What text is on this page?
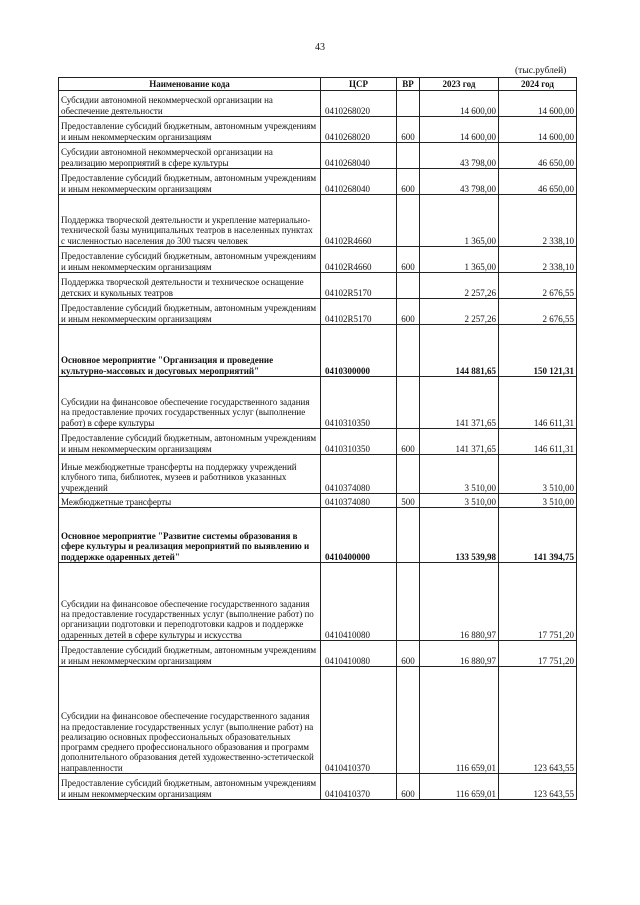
43
(тыс.рублей)
Наименование кода	ЦСР	ВР	2023 год	2024 год
Субсидии автономной некоммерческой организации на обеспечение деятельности	0410268020		14 600,00	14 600,00
Предоставление субсидий бюджетным, автономным учреждениям и иным некоммерческим организациям	0410268020	600	14 600,00	14 600,00
Субсидии автономной некоммерческой организации на реализацию мероприятий в сфере культуры	0410268040		43 798,00	46 650,00
Предоставление субсидий бюджетным, автономным учреждениям и иным некоммерческим организациям	0410268040	600	43 798,00	46 650,00
Поддержка творческой деятельности и укрепление материально-технической базы муниципальных театров в населенных пунктах с численностью населения до 300 тысяч человек	04102R4660		1 365,00	2 338,10
Предоставление субсидий бюджетным, автономным учреждениям и иным некоммерческим организациям	04102R4660	600	1 365,00	2 338,10
Поддержка творческой деятельности и техническое оснащение детских и кукольных театров	04102R5170		2 257,26	2 676,55
Предоставление субсидий бюджетным, автономным учреждениям и иным некоммерческим организациям	04102R5170	600	2 257,26	2 676,55
Основное мероприятие "Организация и проведение культурно-массовых и досуговых мероприятий"	0410300000		144 881,65	150 121,31
Субсидии на финансовое обеспечение государственного задания на предоставление прочих государственных услуг (выполнение работ) в сфере культуры	0410310350		141 371,65	146 611,31
Предоставление субсидий бюджетным, автономным учреждениям и иным некоммерческим организациям	0410310350	600	141 371,65	146 611,31
Иные межбюджетные трансферты на поддержку учреждений клубного типа, библиотек, музеев и работников указанных учреждений	0410374080		3 510,00	3 510,00
Межбюджетные трансферты	0410374080	500	3 510,00	3 510,00
Основное мероприятие "Развитие системы образования в сфере культуры и реализация мероприятий по выявлению и поддержке одаренных детей"	0410400000		133 539,98	141 394,75
Субсидии на финансовое обеспечение государственного задания на предоставление государственных услуг (выполнение работ) по организации подготовки и переподготовки кадров и поддержке одаренных детей в сфере культуры и искусства	0410410080		16 880,97	17 751,20
Предоставление субсидий бюджетным, автономным учреждениям и иным некоммерческим организациям	0410410080	600	16 880,97	17 751,20
Субсидии на финансовое обеспечение государственного задания на предоставление государственных услуг (выполнение работ) на реализацию основных профессиональных образовательных программ среднего профессионального образования и программ дополнительного образования детей художественно-эстетической направленности	0410410370		116 659,01	123 643,55
Предоставление субсидий бюджетным, автономным учреждениям и иным некоммерческим организациям	0410410370	600	116 659,01	123 643,55
